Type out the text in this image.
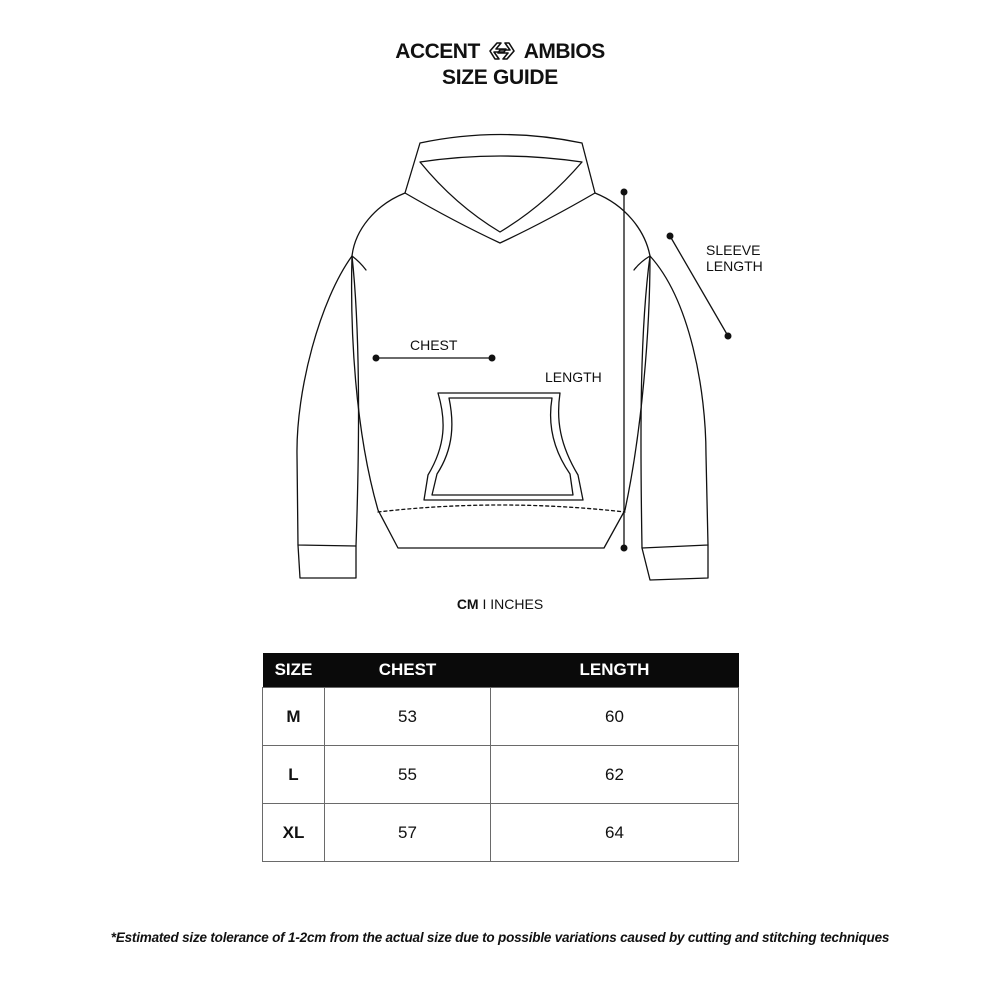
ACCENT AMBIOS
SIZE GUIDE
CHEST
LENGTH
SLEEVE
LENGTH
CM I INCHES
SIZE	CHEST	LENGTH
M	53	60
L	55	62
XL	57	64
*Estimated size tolerance of 1-2cm from the actual size due to possible variations caused by cutting and stitching techniques
